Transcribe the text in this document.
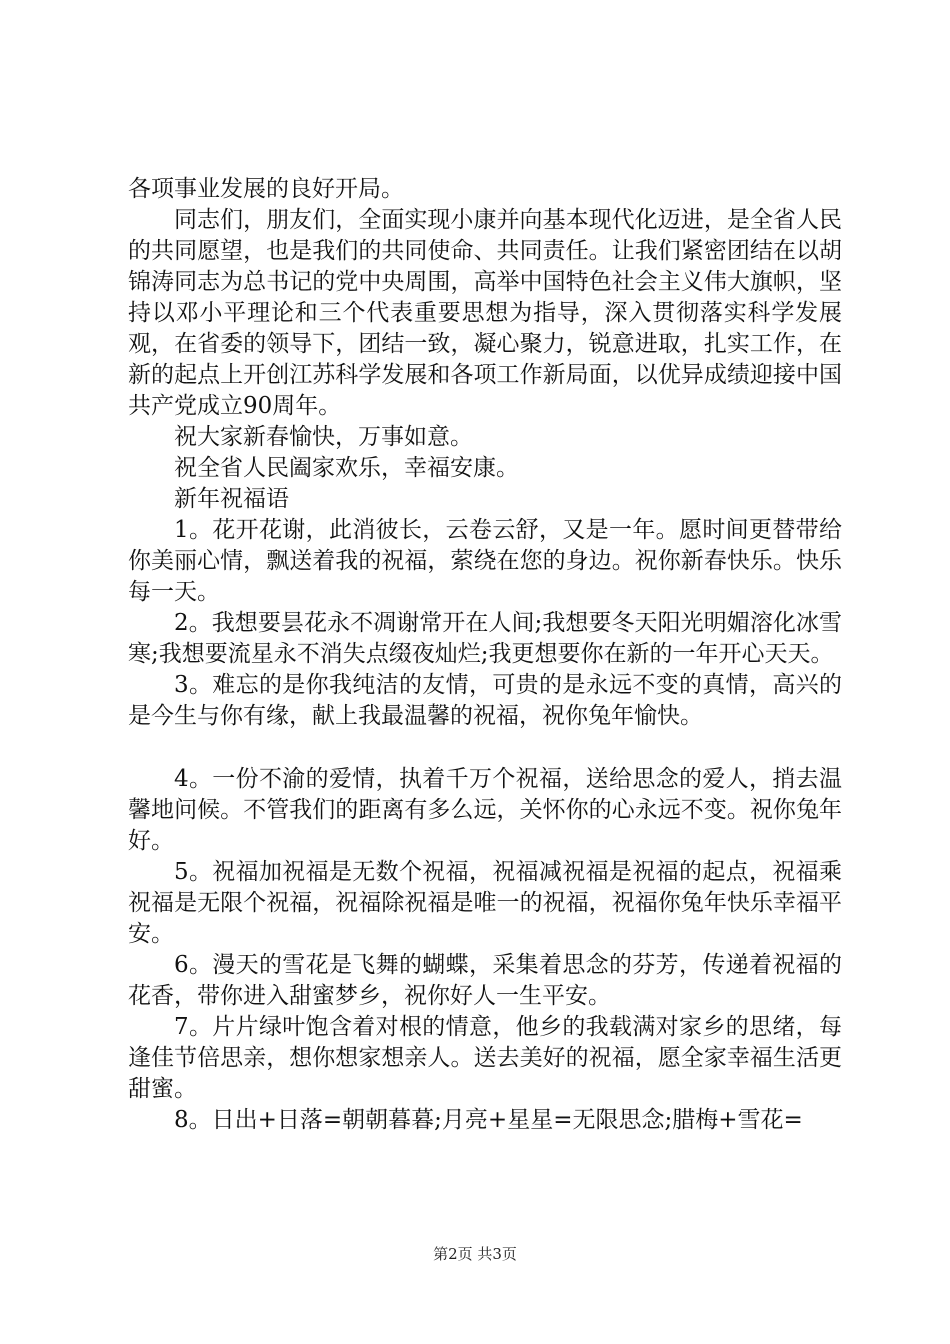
各项事业发展的良好开局。

同志们，朋友们，全面实现小康并向基本现代化迈进，是全省人民的共同愿望，也是我们的共同使命、共同责任。让我们紧密团结在以胡锦涛同志为总书记的党中央周围，高举中国特色社会主义伟大旗帜，坚持以邓小平理论和三个代表重要思想为指导，深入贯彻落实科学发展观，在省委的领导下，团结一致，凝心聚力，锐意进取，扎实工作，在新的起点上开创江苏科学发展和各项工作新局面，以优异成绩迎接中国共产党成立90周年。

祝大家新春愉快，万事如意。

祝全省人民阖家欢乐，幸福安康。

新年祝福语

1。花开花谢，此消彼长，云卷云舒，又是一年。愿时间更替带给你美丽心情，飘送着我的祝福，萦绕在您的身边。祝你新春快乐。快乐每一天。

2。我想要昙花永不凋谢常开在人间;我想要冬天阳光明媚溶化冰雪寒;我想要流星永不消失点缀夜灿烂;我更想要你在新的一年开心天天。

3。难忘的是你我纯洁的友情，可贵的是永远不变的真情，高兴的是今生与你有缘，献上我最温馨的祝福，祝你兔年愉快。

4。一份不渝的爱情，执着千万个祝福，送给思念的爱人，捎去温馨地问候。不管我们的距离有多么远，关怀你的心永远不变。祝你兔年好。

5。祝福加祝福是无数个祝福，祝福减祝福是祝福的起点，祝福乘祝福是无限个祝福，祝福除祝福是唯一的祝福，祝福你兔年快乐幸福平安。

6。漫天的雪花是飞舞的蝴蝶，采集着思念的芬芳，传递着祝福的花香，带你进入甜蜜梦乡，祝你好人一生平安。

7。片片绿叶饱含着对根的情意，他乡的我载满对家乡的思绪，每逢佳节倍思亲，想你想家想亲人。送去美好的祝福，愿全家幸福生活更甜蜜。

8。日出+日落=朝朝暮暮;月亮+星星=无限思念;腊梅+雪花=

第2页 共3页
